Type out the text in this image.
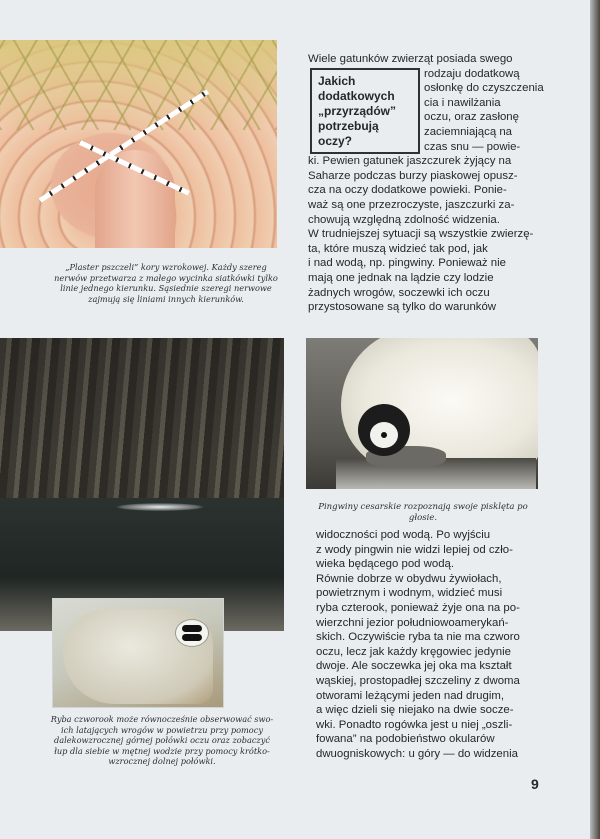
„Plaster pszczeli” kory wzrokowej. Każdy szereg
nerwów przetwarza z małego wycinka siatkówki tylko
linie jednego kierunku. Sąsiednie szeregi nerwowe
zajmują się liniami innych kierunków.

Ryba czworook może równocześnie obserwować swo-
ich latających wrogów w powietrzu przy pomocy
dalekowzrocznej górnej połówki oczu oraz zobaczyć
łup dla siebie w mętnej wodzie przy pomocy krótko-
wzrocznej dolnej połówki.

Pingwiny cesarskie rozpoznają swoje pisklęta po głosie.

Wiele gatunków zwierząt posiada swego
rodzaju dodatkową
osłonkę do czyszczenia
cia i nawilżania
oczu, oraz zasłonę
zaciemniającą na
czas snu — powie-
ki. Pewien gatunek jaszczurek żyjący na
Saharze podczas burzy piaskowej opusz-
cza na oczy dodatkowe powieki. Ponie-
waż są one przezroczyste, jaszczurki za-
chowują względną zdolność widzenia.
W trudniejszej sytuacji są wszystkie zwierzę-
ta, które muszą widzieć tak pod, jak
i nad wodą, np. pingwiny. Ponieważ nie
mają one jednak na lądzie czy lodzie
żadnych wrogów, soczewki ich oczu
przystosowane są tylko do warunków
Jakich
dodatkowych
„przyrządów”
potrzebują
oczy?
widoczności pod wodą. Po wyjściu
z wody pingwin nie widzi lepiej od czło-
wieka będącego pod wodą.
Równie dobrze w obydwu żywiołach,
powietrznym i wodnym, widzieć musi
ryba czterook, ponieważ żyje ona na po-
wierzchni jezior południowoamerykań-
skich. Oczywiście ryba ta nie ma czworo
oczu, lecz jak każdy kręgowiec jedynie
dwoje. Ale soczewka jej oka ma kształt
wąskiej, prostopadłej szczeliny z dwoma
otworami leżącymi jeden nad drugim,
a więc dzieli się niejako na dwie socze-
wki. Ponadto rogówka jest u niej „oszli-
fowana” na podobieństwo okularów
dwuogniskowych: u góry — do widzenia

9
